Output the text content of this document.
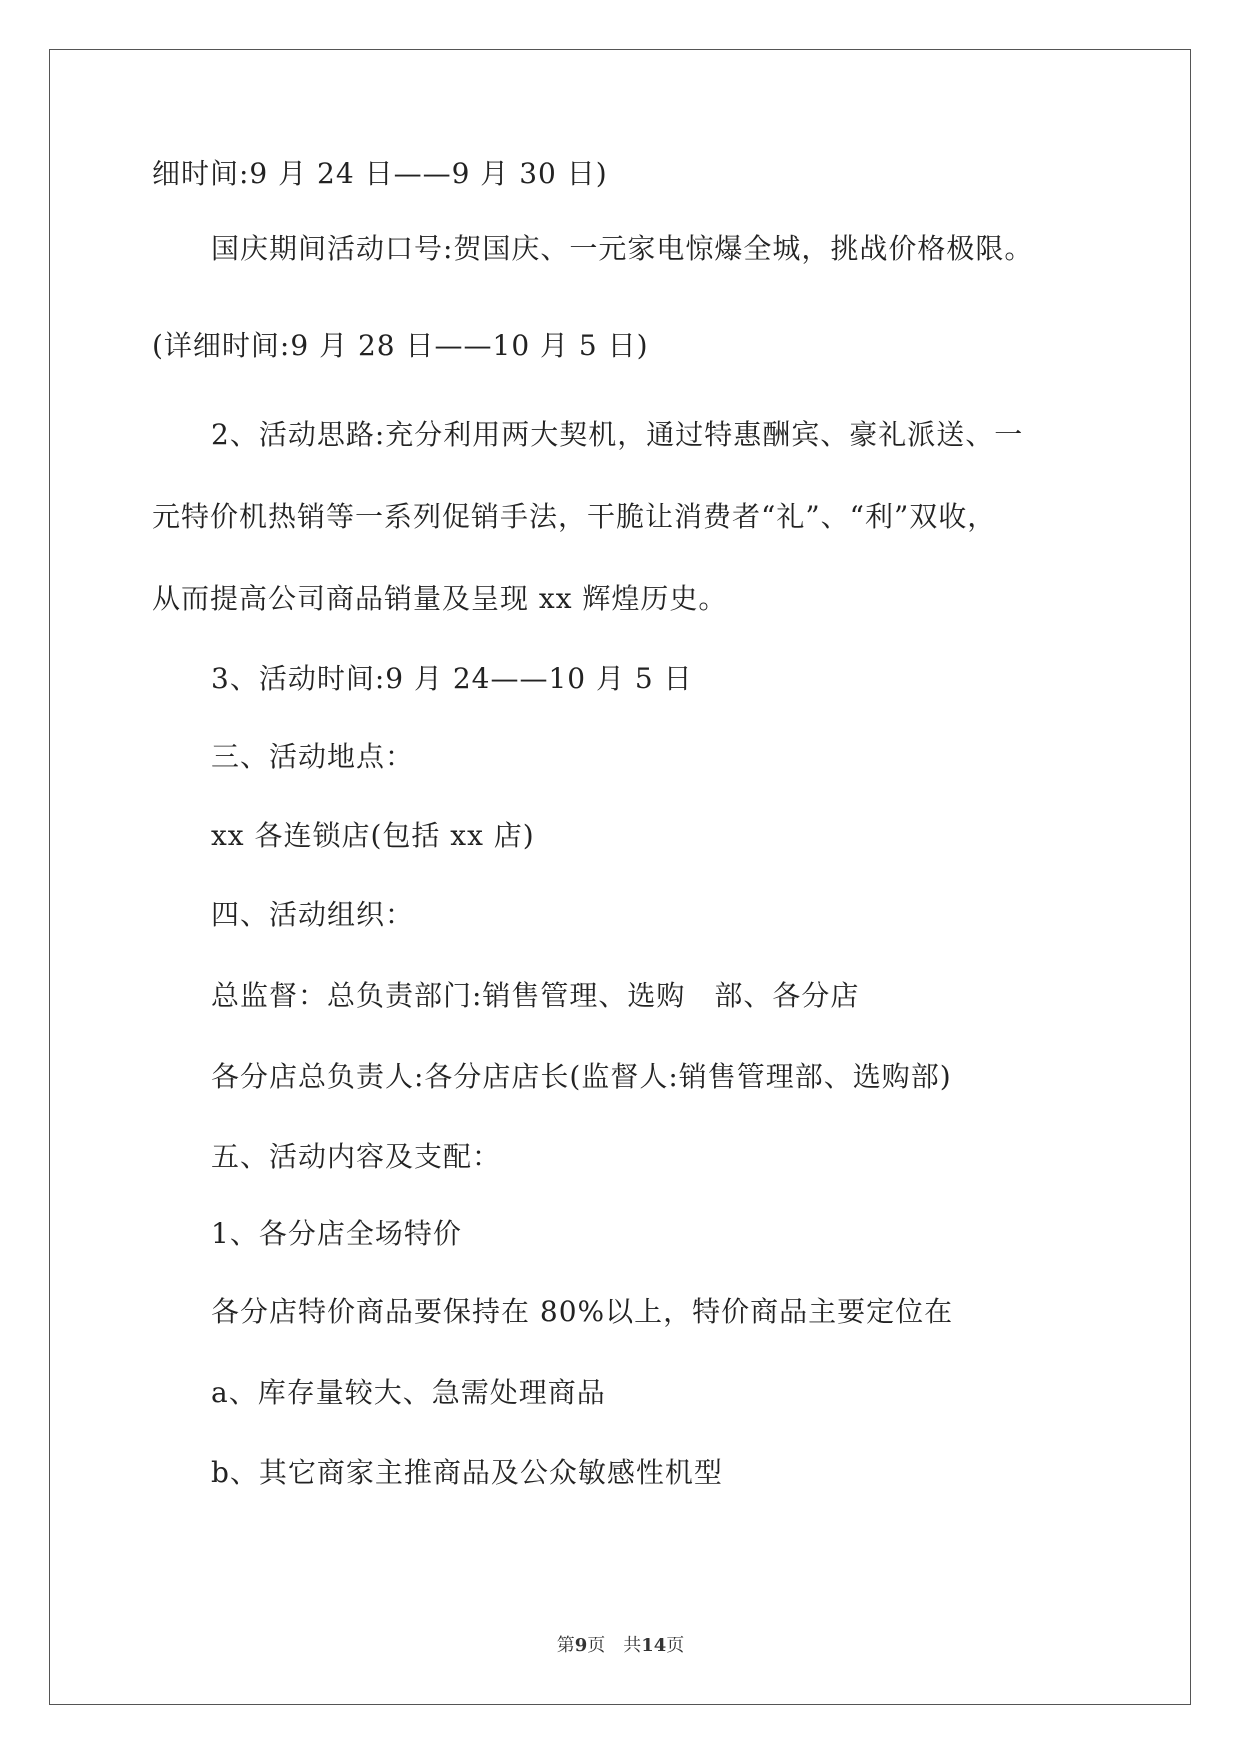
细时间:9 月 24 日——9 月 30 日)
国庆期间活动口号:贺国庆、一元家电惊爆全城，挑战价格极限。
(详细时间:9 月 28 日——10 月 5 日)
2、活动思路:充分利用两大契机，通过特惠酬宾、豪礼派送、一
元特价机热销等一系列促销手法，干脆让消费者“礼”、“利”双收，
从而提高公司商品销量及呈现 xx 辉煌历史。
3、活动时间:9 月 24——10 月 5 日
三、活动地点：
xx 各连锁店(包括 xx 店)
四、活动组织：
总监督：总负责部门:销售管理、选购　部、各分店
各分店总负责人:各分店店长(监督人:销售管理部、选购部)
五、活动内容及支配：
1、各分店全场特价
各分店特价商品要保持在 80%以上，特价商品主要定位在
a、库存量较大、急需处理商品
b、其它商家主推商品及公众敏感性机型
第9页　共14页
